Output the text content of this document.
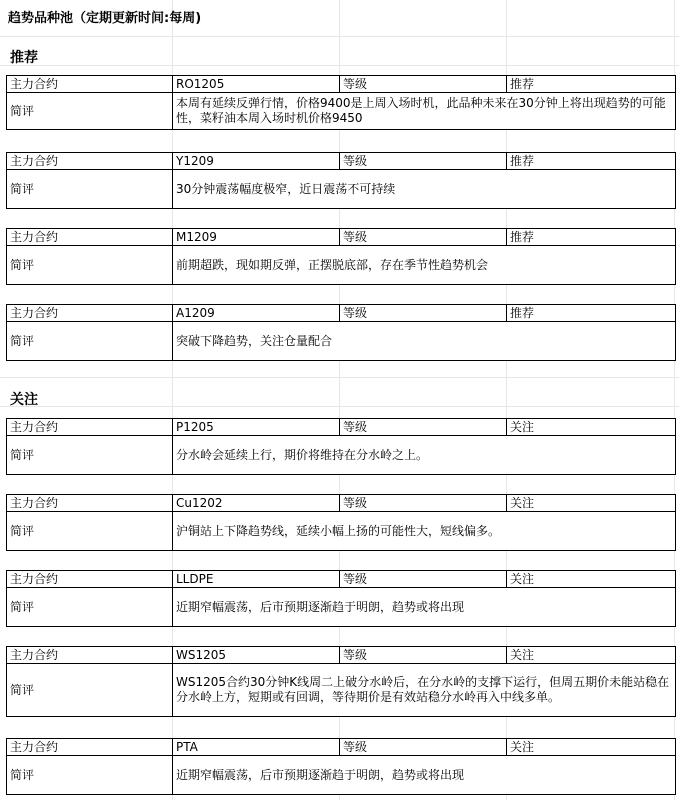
趋势品种池（定期更新时间:每周)
推荐
主力合约	RO1205	等级	推荐
简评	本周有延续反弹行情，价格9400是上周入场时机，此品种未来在30分钟上将出现趋势的可能性，菜籽油本周入场时机价格9450		
主力合约	Y1209	等级	推荐
简评	30分钟震荡幅度极窄，近日震荡不可持续		
主力合约	M1209	等级	推荐
简评	前期超跌，现如期反弹，正摆脱底部，存在季节性趋势机会		
主力合约	A1209	等级	推荐
简评	突破下降趋势，关注仓量配合		
关注
主力合约	P1205	等级	关注
简评	分水岭会延续上行，期价将维持在分水岭之上。		
主力合约	Cu1202	等级	关注
简评	沪铜站上下降趋势线，延续小幅上扬的可能性大，短线偏多。		
主力合约	LLDPE	等级	关注
简评	近期窄幅震荡，后市预期逐渐趋于明朗，趋势或将出现		
主力合约	WS1205	等级	关注
简评	WS1205合约30分钟K线周二上破分水岭后，在分水岭的支撑下运行，但周五期价未能站稳在分水岭上方，短期或有回调，等待期价是有效站稳分水岭再入中线多单。		
主力合约	PTA	等级	关注
简评	近期窄幅震荡，后市预期逐渐趋于明朗，趋势或将出现		
